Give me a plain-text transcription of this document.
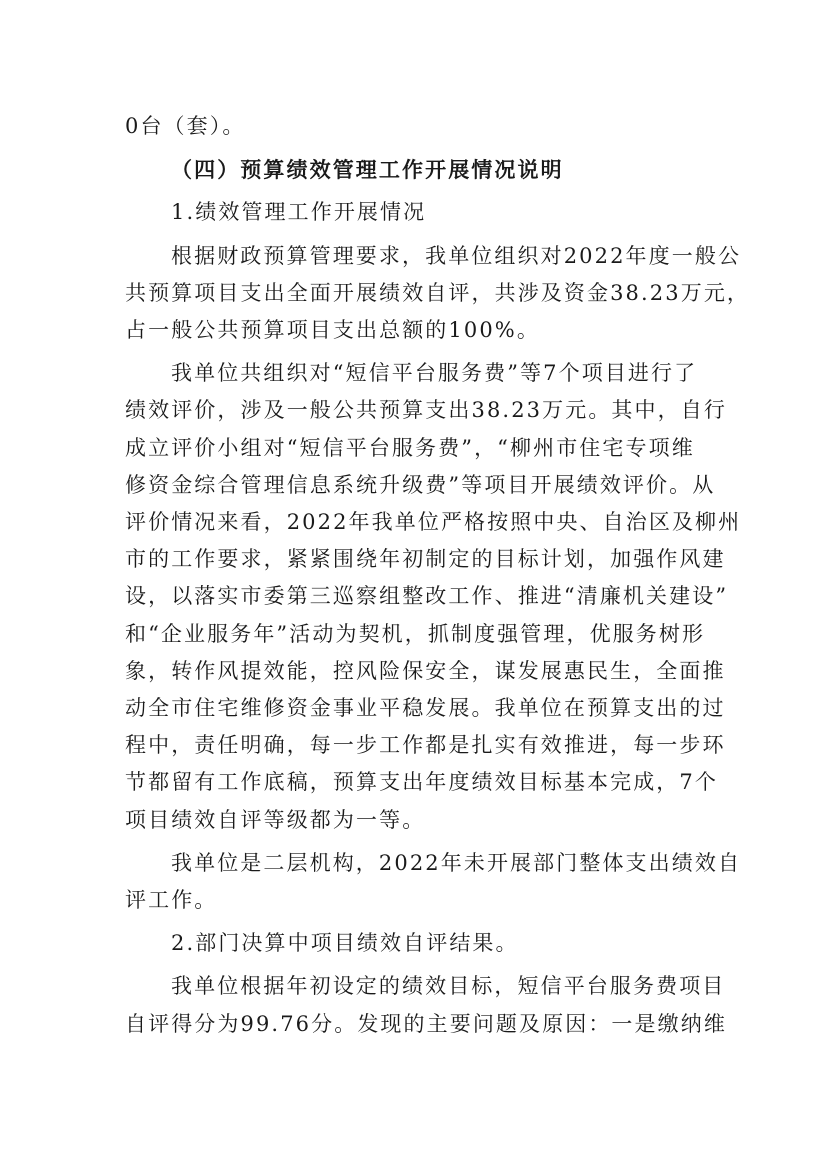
0台（套）。

（四）预算绩效管理工作开展情况说明

1.绩效管理工作开展情况

根据财政预算管理要求，我单位组织对2022年度一般公
共预算项目支出全面开展绩效自评，共涉及资金38.23万元，
占一般公共预算项目支出总额的100%。
我单位共组织对“短信平台服务费”等7个项目进行了
绩效评价，涉及一般公共预算支出38.23万元。其中，自行
成立评价小组对“短信平台服务费”，“柳州市住宅专项维
修资金综合管理信息系统升级费”等项目开展绩效评价。从
评价情况来看，2022年我单位严格按照中央、自治区及柳州
市的工作要求，紧紧围绕年初制定的目标计划，加强作风建
设，以落实市委第三巡察组整改工作、推进“清廉机关建设”
和“企业服务年”活动为契机，抓制度强管理，优服务树形
象，转作风提效能，控风险保安全，谋发展惠民生，全面推
动全市住宅维修资金事业平稳发展。我单位在预算支出的过
程中，责任明确，每一步工作都是扎实有效推进，每一步环
节都留有工作底稿，预算支出年度绩效目标基本完成，7个
项目绩效自评等级都为一等。
我单位是二层机构，2022年未开展部门整体支出绩效自
评工作。

2.部门决算中项目绩效自评结果。

我单位根据年初设定的绩效目标，短信平台服务费项目
自评得分为99.76分。发现的主要问题及原因：一是缴纳维
